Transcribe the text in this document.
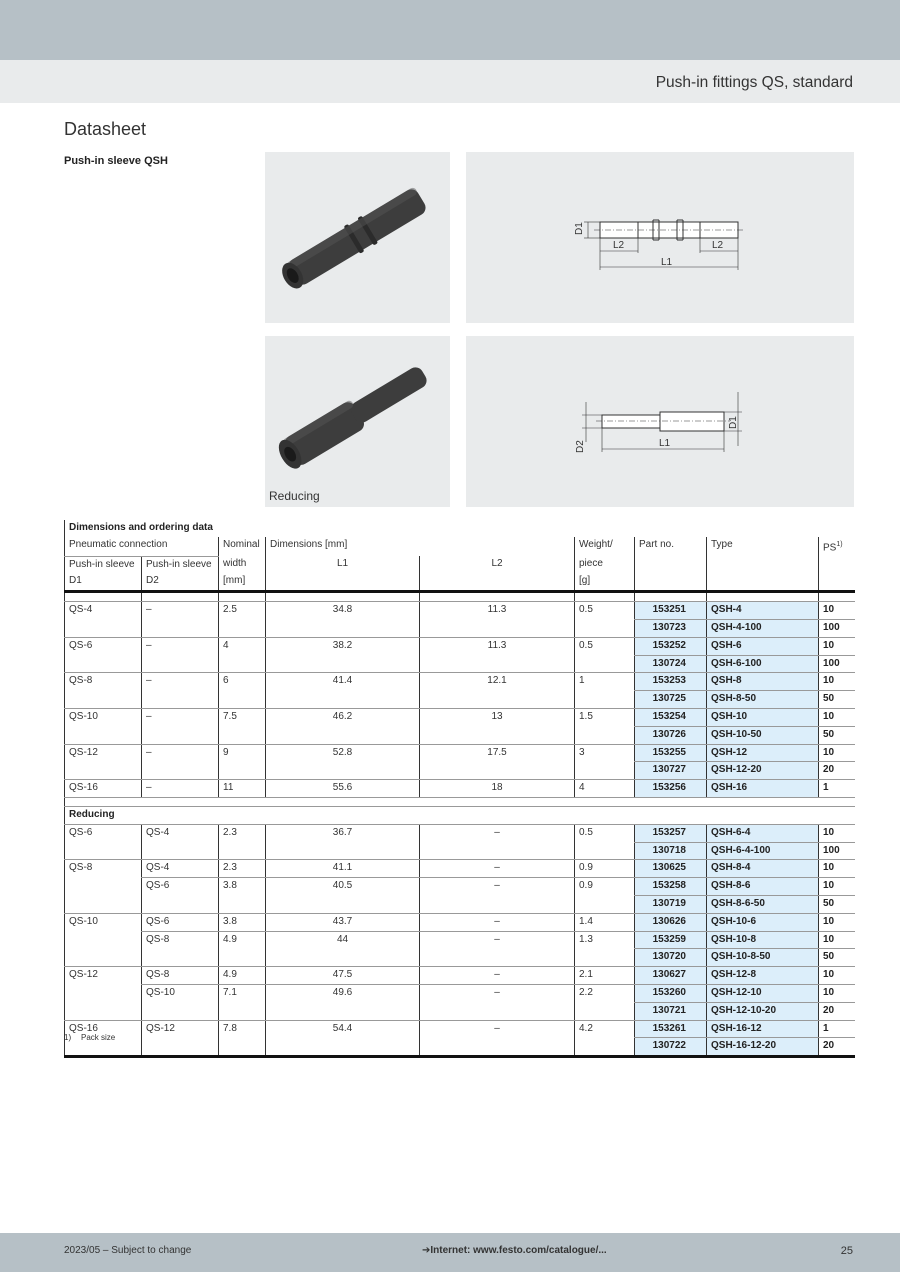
Push-in fittings QS, standard
Datasheet
Push-in sleeve QSH
D1
L2	L2
L1
Reducing
D2
D1
L1
Dimensions and ordering data								
Pneumatic connection		Nominal	Dimensions [mm]		Weight/	Part no.	Type	PS$^{1)}$
Push-in sleeve	Push-in sleeve	width	L1	L2	piece			
D1	D2	[mm]			[g]			

QS-4	–	2.5	34.8	11.3	0.5	153251	QSH-4	10
						130723	QSH-4-100	100
QS-6	–	4	38.2	11.3	0.5	153252	QSH-6	10
						130724	QSH-6-100	100
QS-8	–	6	41.4	12.1	1	153253	QSH-8	10
						130725	QSH-8-50	50
QS-10	–	7.5	46.2	13	1.5	153254	QSH-10	10
						130726	QSH-10-50	50
QS-12	–	9	52.8	17.5	3	153255	QSH-12	10
						130727	QSH-12-20	20
QS-16	–	11	55.6	18	4	153256	QSH-16	1

Reducing								
QS-6	QS-4	2.3	36.7	–	0.5	153257	QSH-6-4	10
						130718	QSH-6-4-100	100
QS-8	QS-4	2.3	41.1	–	0.9	130625	QSH-8-4	10
	QS-6	3.8	40.5	–	0.9	153258	QSH-8-6	10
						130719	QSH-8-6-50	50
QS-10	QS-6	3.8	43.7	–	1.4	130626	QSH-10-6	10
	QS-8	4.9	44	–	1.3	153259	QSH-10-8	10
						130720	QSH-10-8-50	50
QS-12	QS-8	4.9	47.5	–	2.1	130627	QSH-12-8	10
	QS-10	7.1	49.6	–	2.2	153260	QSH-12-10	10
						130721	QSH-12-10-20	20
QS-16	QS-12	7.8	54.4	–	4.2	153261	QSH-16-12	1
						130722	QSH-16-12-20	20
1) Pack size
2023/05 – Subject to change	➔Internet: www.festo.com/catalogue/...	25
